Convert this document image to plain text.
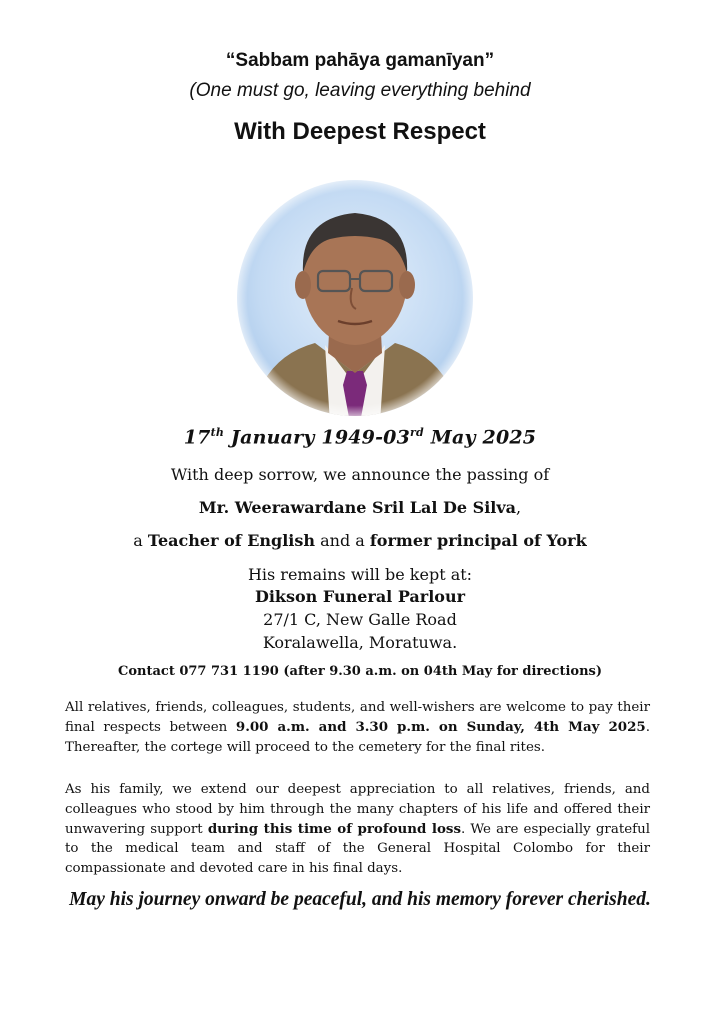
“Sabbam pahāya gamanīyan”
(One must go, leaving everything behind
With Deepest Respect
17th January 1949-03rd May 2025
With deep sorrow, we announce the passing of
Mr. Weerawardane Sril Lal De Silva,
a Teacher of English and a former principal of York
His remains will be kept at:
Dikson Funeral Parlour
27/1 C, New Galle Road
Koralawella, Moratuwa.
Contact 077 731 1190 (after 9.30 a.m. on 04th May for directions)
All relatives, friends, colleagues, students, and well-wishers are welcome to pay their final respects between 9.00 a.m. and 3.30 p.m. on Sunday, 4th May 2025. Thereafter, the cortege will proceed to the cemetery for the final rites.
As his family, we extend our deepest appreciation to all relatives, friends, and colleagues who stood by him through the many chapters of his life and offered their unwavering support during this time of profound loss. We are especially grateful to the medical team and staff of the General Hospital Colombo for their compassionate and devoted care in his final days.
May his journey onward be peaceful, and his memory forever cherished.
